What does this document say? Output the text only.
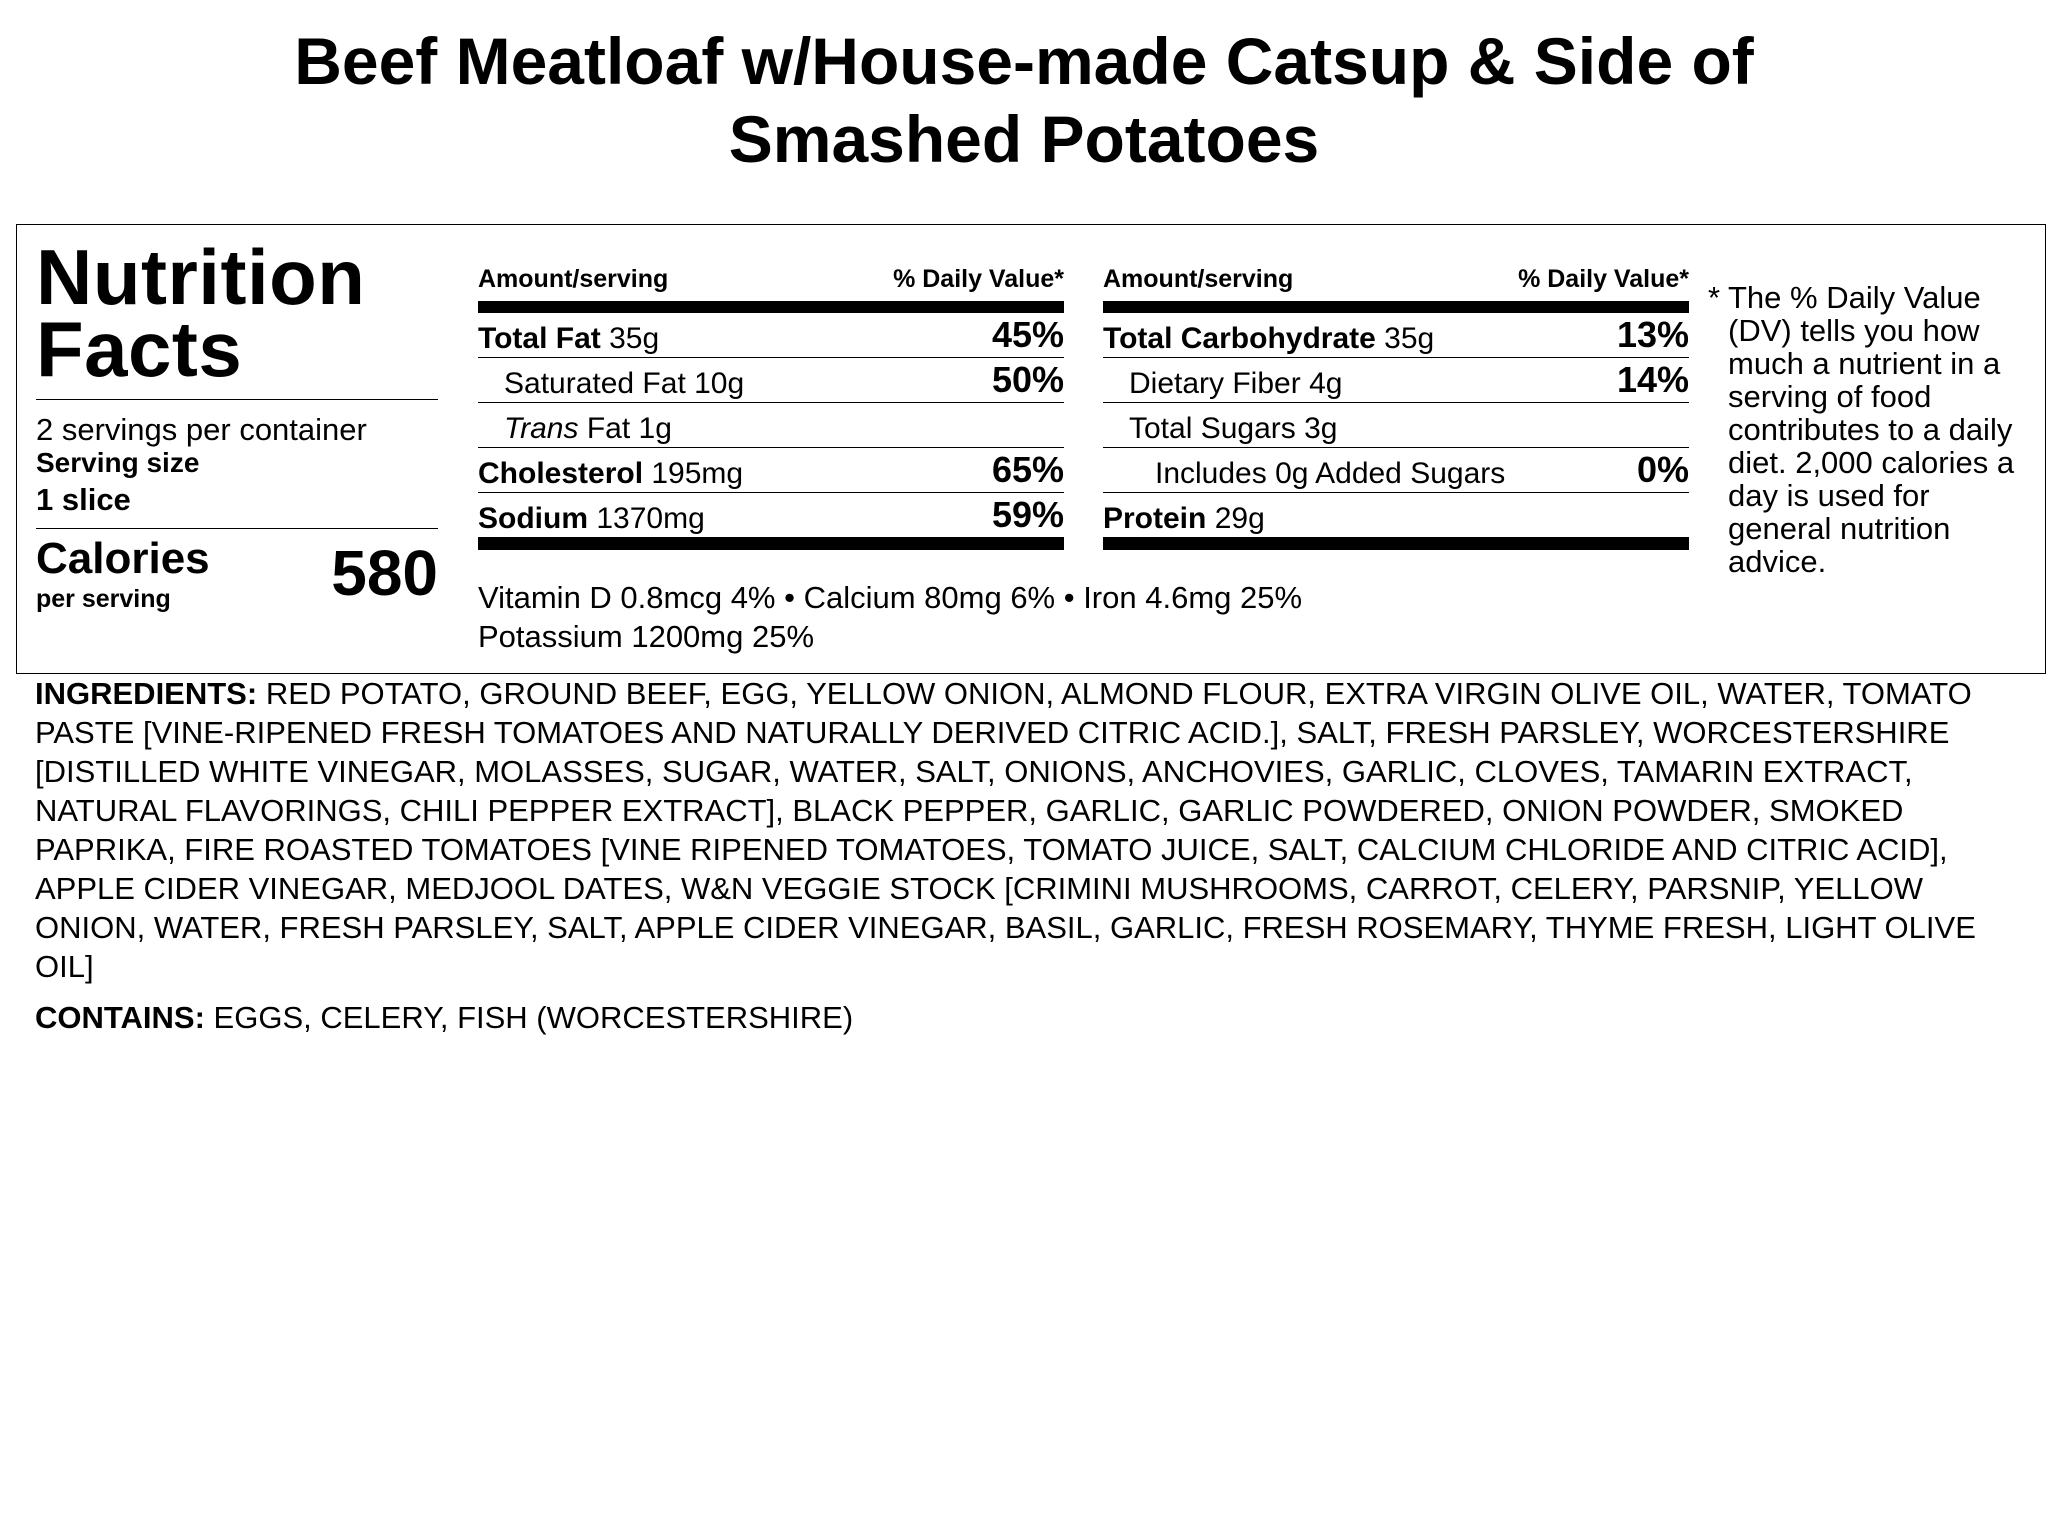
Beef Meatloaf w/House-made Catsup & Side of
Smashed Potatoes
Nutrition
Facts
2 servings per container
Serving size
1 slice
Calories
per serving	580
Amount/serving	% Daily Value*
Total Fat 35g	45%
Saturated Fat 10g	50%
Trans Fat 1g
Cholesterol 195mg	65%
Sodium 1370mg	59%
Amount/serving	% Daily Value*
Total Carbohydrate 35g	13%
Dietary Fiber 4g	14%
Total Sugars 3g
Includes 0g Added Sugars	0%
Protein 29g
Vitamin D 0.8mcg 4% • Calcium 80mg 6% • Iron 4.6mg 25%
Potassium 1200mg 25%
* The % Daily Value (DV) tells you how much a nutrient in a serving of food contributes to a daily diet. 2,000 calories a day is used for general nutrition advice.

INGREDIENTS: RED POTATO, GROUND BEEF, EGG, YELLOW ONION, ALMOND FLOUR, EXTRA VIRGIN OLIVE OIL, WATER, TOMATO PASTE [VINE-RIPENED FRESH TOMATOES AND NATURALLY DERIVED CITRIC ACID.], SALT, FRESH PARSLEY, WORCESTERSHIRE [DISTILLED WHITE VINEGAR, MOLASSES, SUGAR, WATER, SALT, ONIONS, ANCHOVIES, GARLIC, CLOVES, TAMARIN EXTRACT, NATURAL FLAVORINGS, CHILI PEPPER EXTRACT], BLACK PEPPER, GARLIC, GARLIC POWDERED, ONION POWDER, SMOKED PAPRIKA, FIRE ROASTED TOMATOES [VINE RIPENED TOMATOES, TOMATO JUICE, SALT, CALCIUM CHLORIDE AND CITRIC ACID], APPLE CIDER VINEGAR, MEDJOOL DATES, W&N VEGGIE STOCK [CRIMINI MUSHROOMS, CARROT, CELERY, PARSNIP, YELLOW ONION, WATER, FRESH PARSLEY, SALT, APPLE CIDER VINEGAR, BASIL, GARLIC, FRESH ROSEMARY, THYME FRESH, LIGHT OLIVE OIL]

CONTAINS: EGGS, CELERY, FISH (WORCESTERSHIRE)
